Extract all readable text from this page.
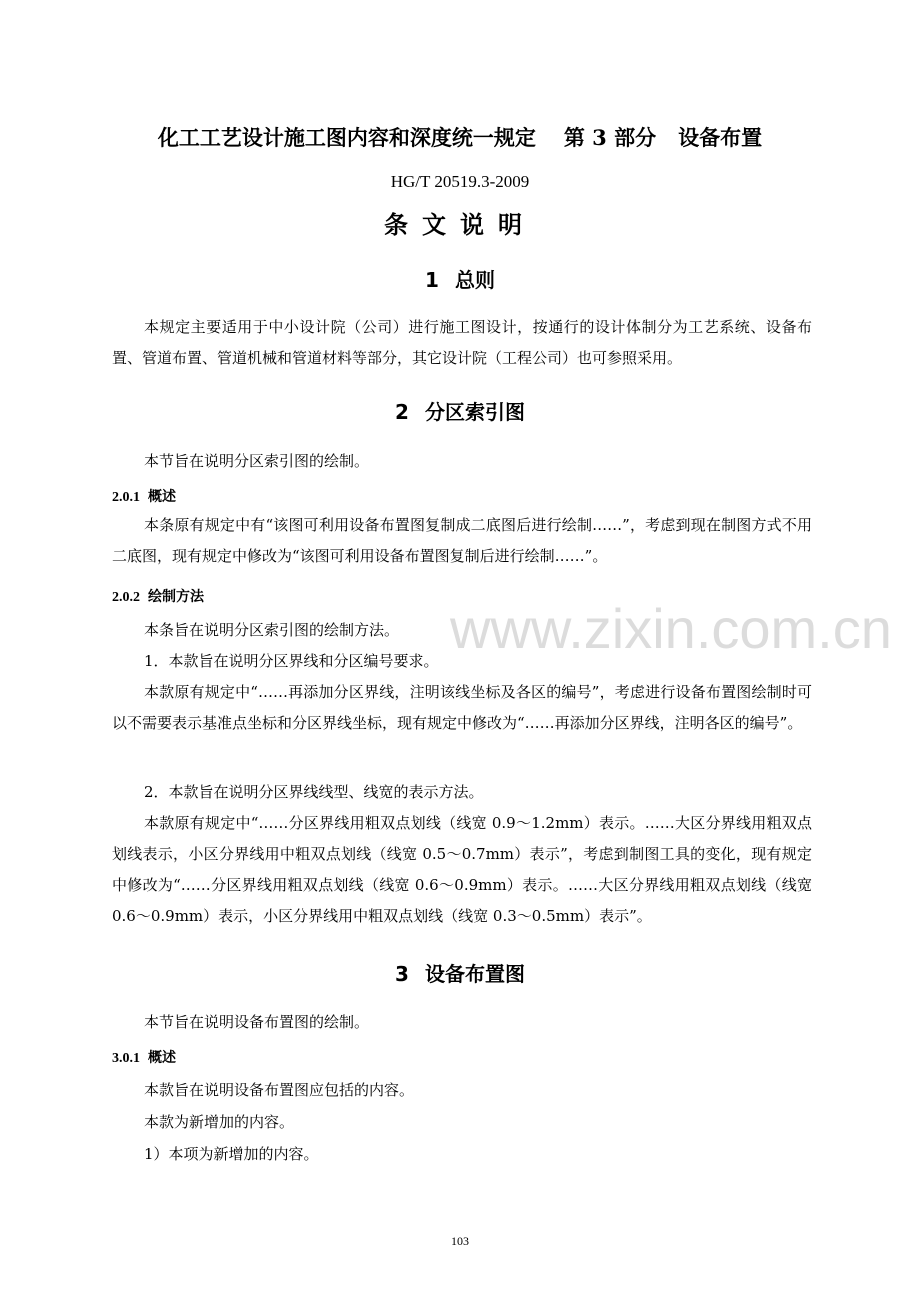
www.zixin.com.cn
化工工艺设计施工图内容和深度统一规定 第 3 部分 设备布置
HG/T 20519.3-2009
条文说明
1 总则

本规定主要适用于中小设计院（公司）进行施工图设计，按通行的设计体制分为工艺系统、设备布置、管道布置、管道机械和管道材料等部分，其它设计院（工程公司）也可参照采用。

2 分区索引图
本节旨在说明分区索引图的绘制。
2.0.1 概述

本条原有规定中有“该图可利用设备布置图复制成二底图后进行绘制……”，考虑到现在制图方式不用二底图，现有规定中修改为“该图可利用设备布置图复制后进行绘制……”。

2.0.2 绘制方法
本条旨在说明分区索引图的绘制方法。
1．本款旨在说明分区界线和分区编号要求。

本款原有规定中“……再添加分区界线，注明该线坐标及各区的编号”，考虑进行设备布置图绘制时可以不需要表示基准点坐标和分区界线坐标，现有规定中修改为“……再添加分区界线，注明各区的编号”。

2．本款旨在说明分区界线线型、线宽的表示方法。

本款原有规定中“……分区界线用粗双点划线（线宽 0.9～1.2mm）表示。……大区分界线用粗双点划线表示，小区分界线用中粗双点划线（线宽 0.5～0.7mm）表示”，考虑到制图工具的变化，现有规定中修改为“……分区界线用粗双点划线（线宽 0.6～0.9mm）表示。……大区分界线用粗双点划线（线宽 0.6～0.9mm）表示，小区分界线用中粗双点划线（线宽 0.3～0.5mm）表示”。

3 设备布置图
本节旨在说明设备布置图的绘制。
3.0.1 概述
本款旨在说明设备布置图应包括的内容。
本款为新增加的内容。
1）本项为新增加的内容。
103
